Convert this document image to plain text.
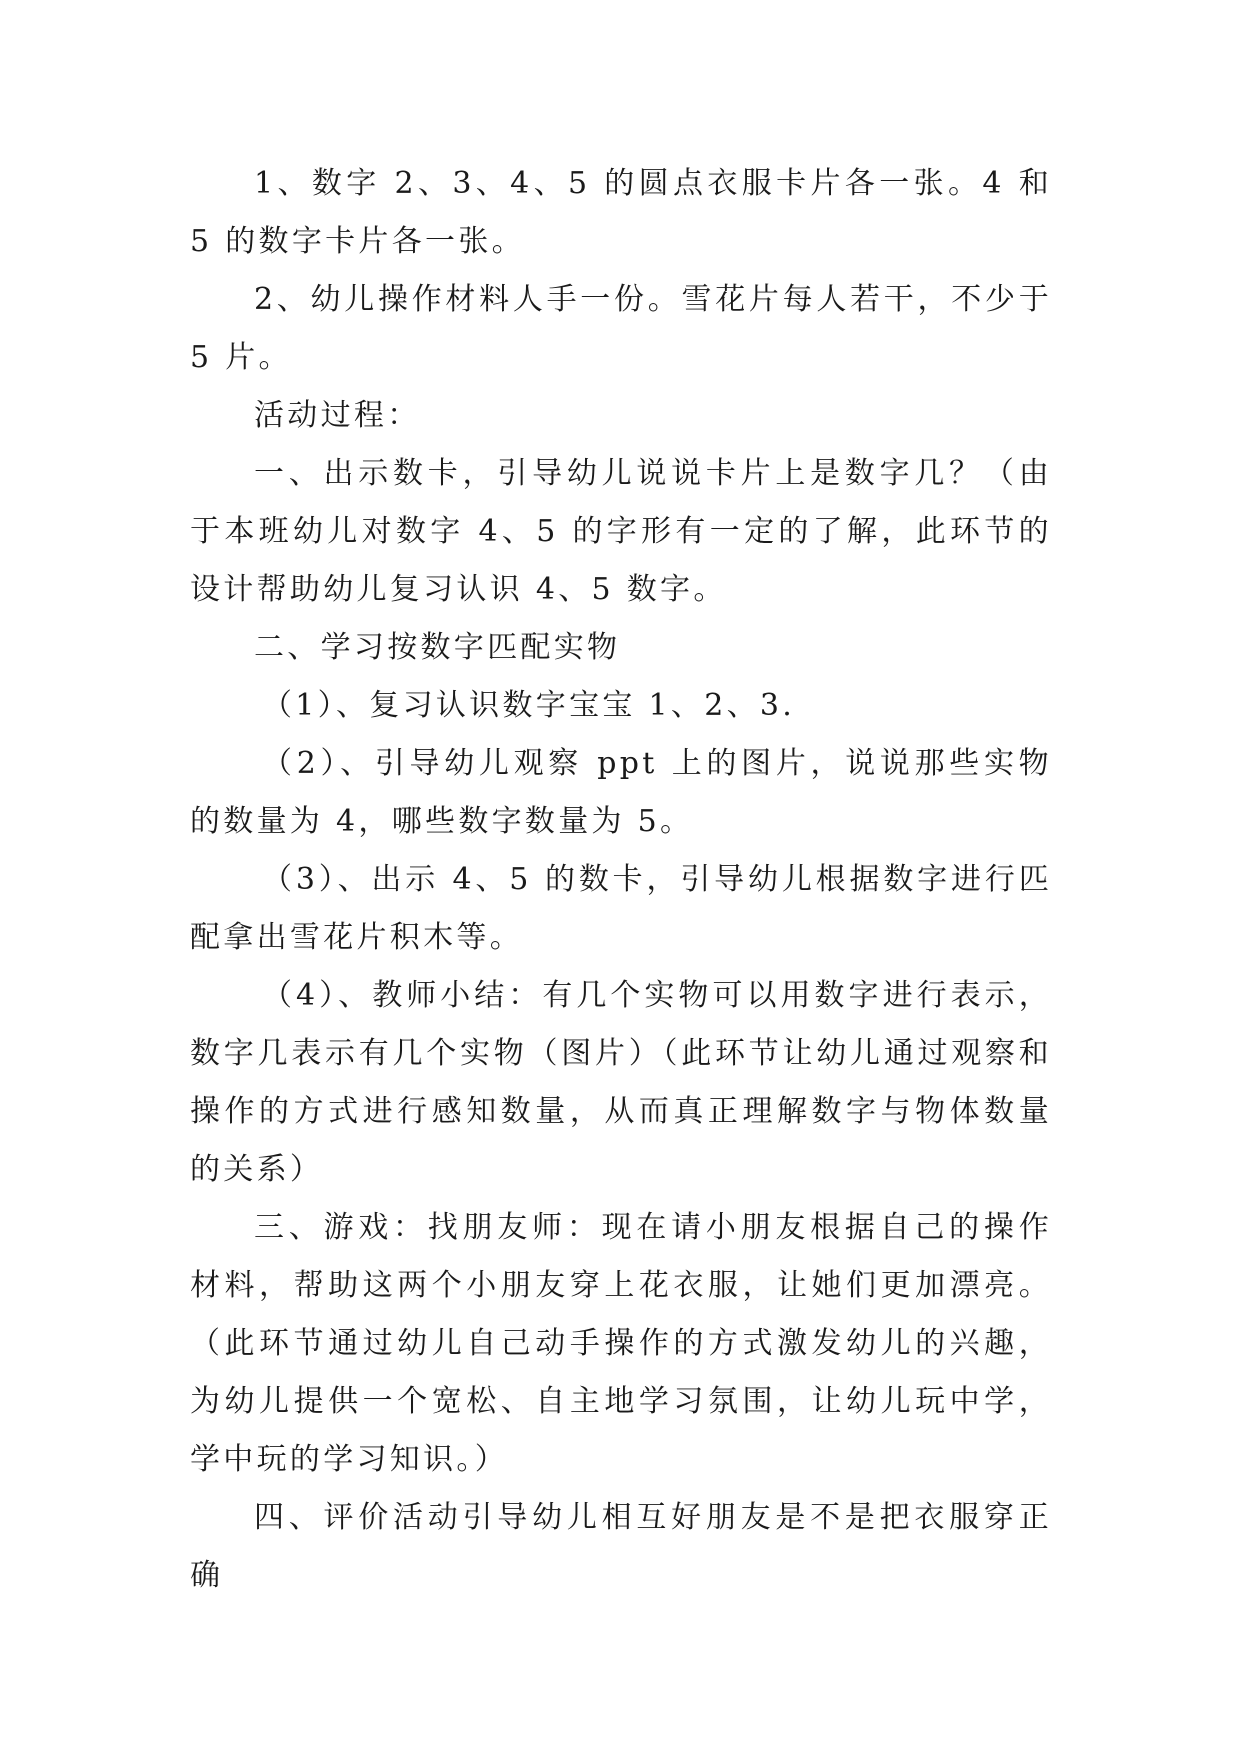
1、数字 2、3、4、5 的圆点衣服卡片各一张。4 和 5 的数字卡片各一张。

2、幼儿操作材料人手一份。雪花片每人若干，不少于 5 片。

活动过程：

一、出示数卡，引导幼儿说说卡片上是数字几？（由于本班幼儿对数字 4、5 的字形有一定的了解，此环节的设计帮助幼儿复习认识 4、5 数字。

二、学习按数字匹配实物

（1）、复习认识数字宝宝 1、2、3.

（2）、引导幼儿观察 ppt 上的图片，说说那些实物的数量为 4，哪些数字数量为 5。

（3）、出示 4、5 的数卡，引导幼儿根据数字进行匹配拿出雪花片积木等。

（4）、教师小结：有几个实物可以用数字进行表示，数字几表示有几个实物（图片）（此环节让幼儿通过观察和操作的方式进行感知数量，从而真正理解数字与物体数量的关系）

三、游戏：找朋友师：现在请小朋友根据自己的操作材料，帮助这两个小朋友穿上花衣服，让她们更加漂亮。（此环节通过幼儿自己动手操作的方式激发幼儿的兴趣，为幼儿提供一个宽松、自主地学习氛围，让幼儿玩中学，学中玩的学习知识。）

四、评价活动引导幼儿相互好朋友是不是把衣服穿正确
